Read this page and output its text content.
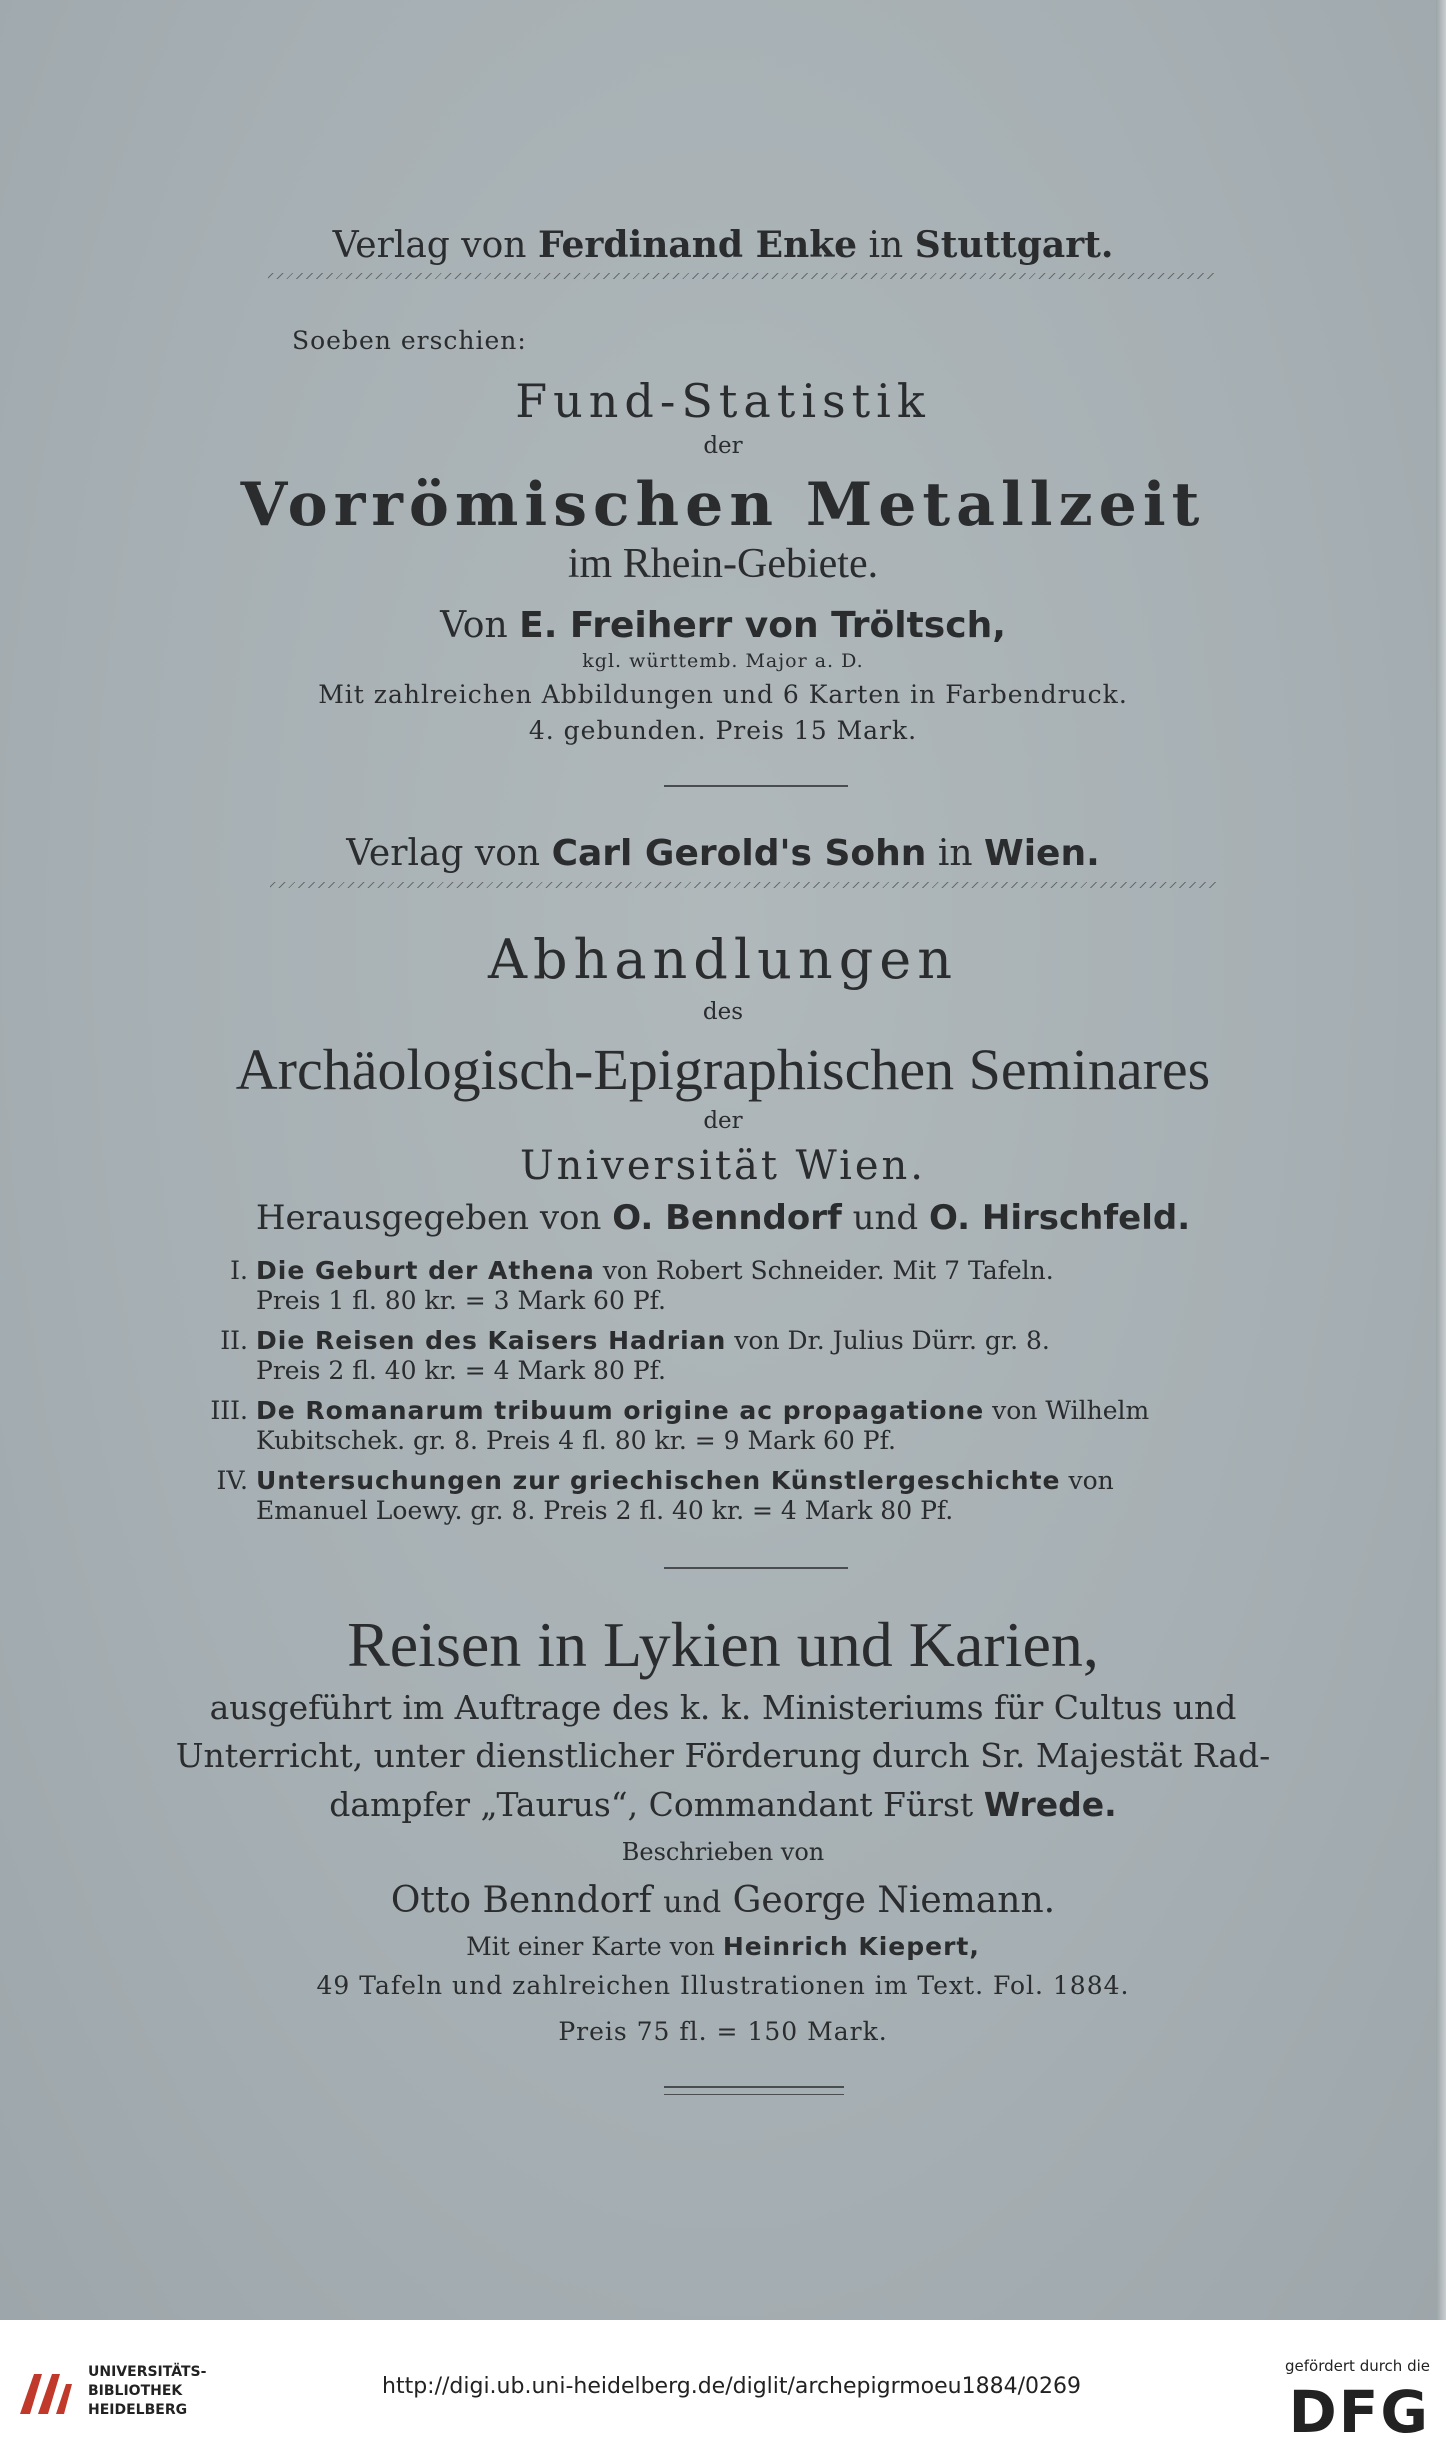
Verlag von Ferdinand Enke in Stuttgart.
Soeben erschien:
Fund-Statistik
der
Vorrömischen Metallzeit
im Rhein-Gebiete.
Von E. Freiherr von Tröltsch,
kgl. württemb. Major a. D.
Mit zahlreichen Abbildungen und 6 Karten in Farbendruck.
4. gebunden. Preis 15 Mark.
Verlag von Carl Gerold's Sohn in Wien.
Abhandlungen
des
Archäologisch-Epigraphischen Seminares
der
Universität Wien.
Herausgegeben von O. Benndorf und O. Hirschfeld.
I. Die Geburt der Athena von Robert Schneider. Mit 7 Tafeln.
Preis 1 fl. 80 kr. = 3 Mark 60 Pf.
II. Die Reisen des Kaisers Hadrian von Dr. Julius Dürr. gr. 8.
Preis 2 fl. 40 kr. = 4 Mark 80 Pf.
III. De Romanarum tribuum origine ac propagatione von Wilhelm
Kubitschek. gr. 8. Preis 4 fl. 80 kr. = 9 Mark 60 Pf.
IV. Untersuchungen zur griechischen Künstlergeschichte von
Emanuel Loewy. gr. 8. Preis 2 fl. 40 kr. = 4 Mark 80 Pf.
Reisen in Lykien und Karien,
ausgeführt im Auftrage des k. k. Ministeriums für Cultus und
Unterricht, unter dienstlicher Förderung durch Sr. Majestät Rad-
dampfer „Taurus“, Commandant Fürst Wrede.
Beschrieben von
Otto Benndorf und George Niemann.
Mit einer Karte von Heinrich Kiepert,
49 Tafeln und zahlreichen Illustrationen im Text. Fol. 1884.
Preis 75 fl. = 150 Mark.
UNIVERSITÄTS-
BIBLIOTHEK
HEIDELBERG
http://digi.ub.uni-heidelberg.de/diglit/archepigrmoeu1884/0269
gefördert durch die
DFG
